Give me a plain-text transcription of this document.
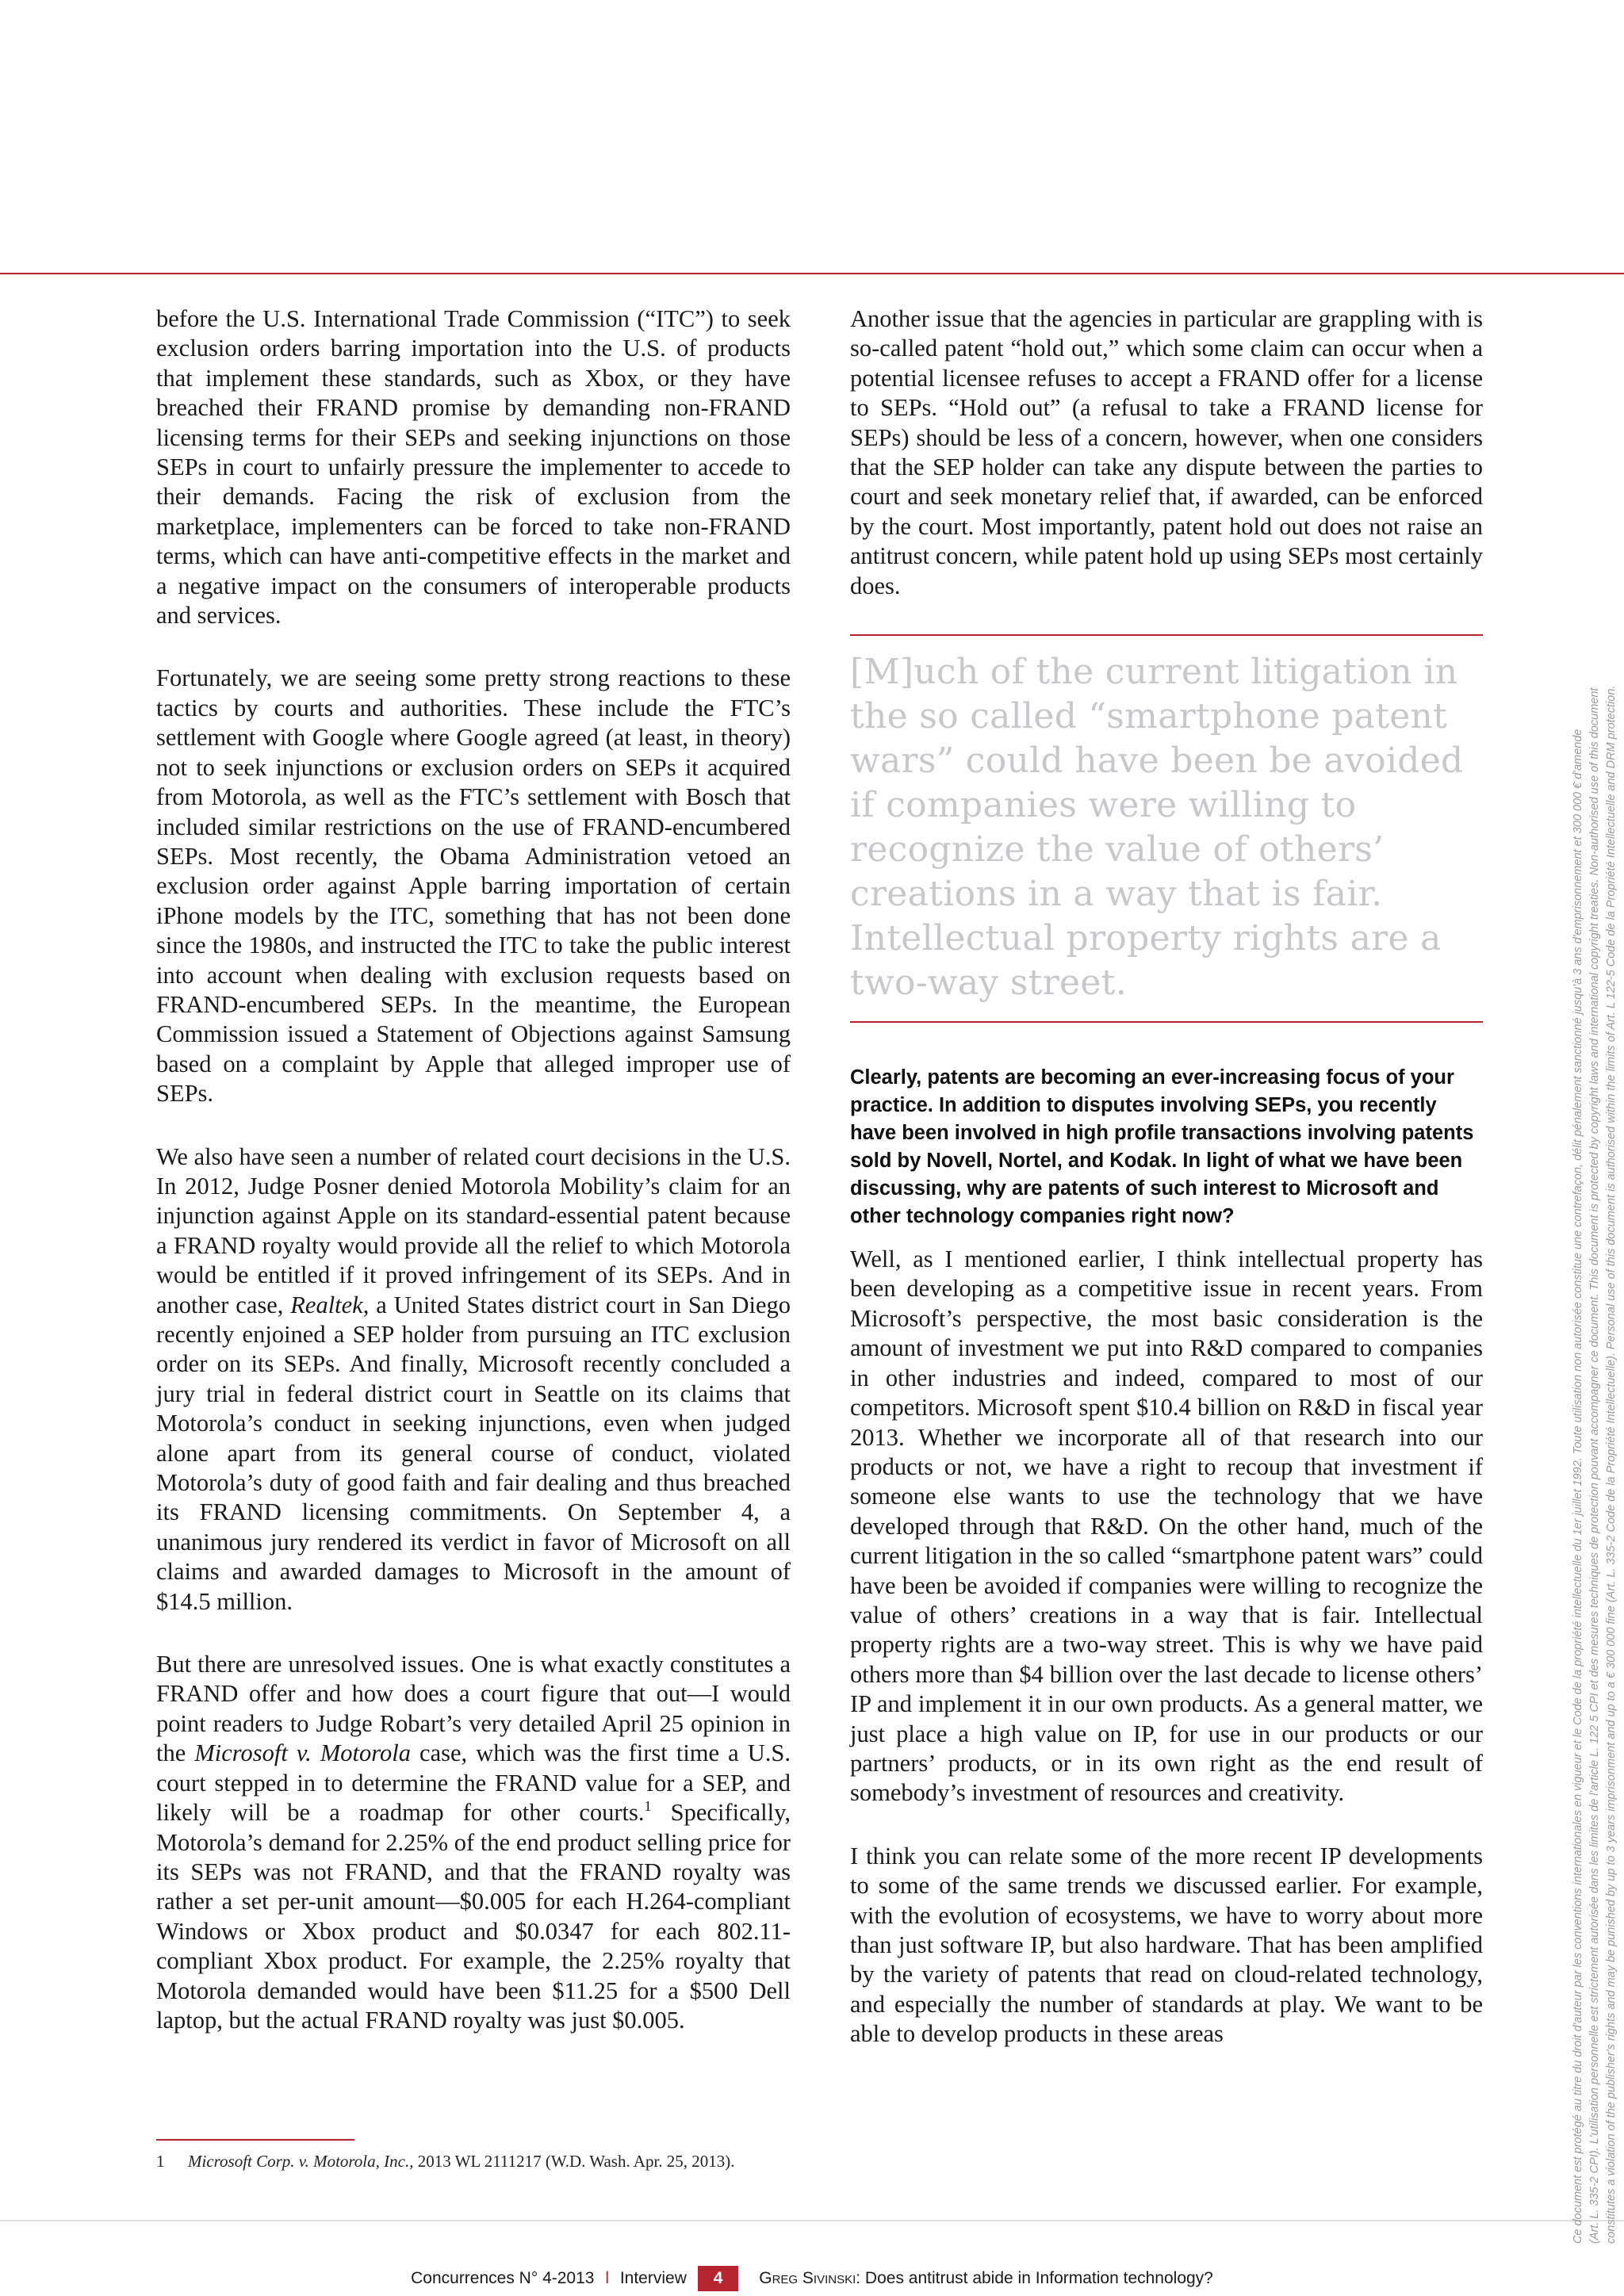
before the U.S. International Trade Commission (“ITC”) to seek exclusion orders barring importation into the U.S. of products that implement these standards, such as Xbox, or they have breached their FRAND promise by demanding non-FRAND licensing terms for their SEPs and seeking injunctions on those SEPs in court to unfairly pressure the implementer to accede to their demands. Facing the risk of exclusion from the marketplace, implementers can be forced to take non-FRAND terms, which can have anti-competitive effects in the market and a negative impact on the consumers of interoperable products and services.

Fortunately, we are seeing some pretty strong reactions to these tactics by courts and authorities. These include the FTC’s settlement with Google where Google agreed (at least, in theory) not to seek injunctions or exclusion orders on SEPs it acquired from Motorola, as well as the FTC’s settlement with Bosch that included similar restrictions on the use of FRAND-encumbered SEPs. Most recently, the Obama Administration vetoed an exclusion order against Apple barring importation of certain iPhone models by the ITC, something that has not been done since the 1980s, and instructed the ITC to take the public interest into account when dealing with exclusion requests based on FRAND-encumbered SEPs. In the meantime, the European Commission issued a Statement of Objections against Samsung based on a complaint by Apple that alleged improper use of SEPs.

We also have seen a number of related court decisions in the U.S. In 2012, Judge Posner denied Motorola Mobility’s claim for an injunction against Apple on its standard-essential patent because a FRAND royalty would provide all the relief to which Motorola would be entitled if it proved infringement of its SEPs. And in another case, Realtek, a United States district court in San Diego recently enjoined a SEP holder from pursuing an ITC exclusion order on its SEPs. And finally, Microsoft recently concluded a jury trial in federal district court in Seattle on its claims that Motorola’s conduct in seeking injunctions, even when judged alone apart from its general course of conduct, violated Motorola’s duty of good faith and fair dealing and thus breached its FRAND licensing commitments. On September 4, a unanimous jury rendered its verdict in favor of Microsoft on all claims and awarded damages to Microsoft in the amount of $14.5 million.

But there are unresolved issues. One is what exactly constitutes a FRAND offer and how does a court figure that out—I would point readers to Judge Robart’s very detailed April 25 opinion in the Microsoft v. Motorola case, which was the first time a U.S. court stepped in to determine the FRAND value for a SEP, and likely will be a roadmap for other courts.$^1$ Specifically, Motorola’s demand for 2.25% of the end product selling price for its SEPs was not FRAND, and that the FRAND royalty was rather a set per-unit amount—$0.005 for each H.264-compliant Windows or Xbox product and $0.0347 for each 802.11-compliant Xbox product. For example, the 2.25% royalty that Motorola demanded would have been $11.25 for a $500 Dell laptop, but the actual FRAND royalty was just $0.005.

1 Microsoft Corp. v. Motorola, Inc., 2013 WL 2111217 (W.D. Wash. Apr. 25, 2013).

Another issue that the agencies in particular are grappling with is so-called patent “hold out,” which some claim can occur when a potential licensee refuses to accept a FRAND offer for a license to SEPs. “Hold out” (a refusal to take a FRAND license for SEPs) should be less of a concern, however, when one considers that the SEP holder can take any dispute between the parties to court and seek monetary relief that, if awarded, can be enforced by the court. Most importantly, patent hold out does not raise an antitrust concern, while patent hold up using SEPs most certainly does.

[M]uch of the current litigation in the so called “smartphone patent wars” could have been be avoided if companies were willing to recognize the value of others’ creations in a way that is fair. Intellectual property rights are a two-way street.
Clearly, patents are becoming an ever-increasing focus of your practice. In addition to disputes involving SEPs, you recently have been involved in high profile transactions involving patents sold by Novell, Nortel, and Kodak. In light of what we have been discussing, why are patents of such interest to Microsoft and other technology companies right now?

Well, as I mentioned earlier, I think intellectual property has been developing as a competitive issue in recent years. From Microsoft’s perspective, the most basic consideration is the amount of investment we put into R&D compared to companies in other industries and indeed, compared to most of our competitors. Microsoft spent $10.4 billion on R&D in fiscal year 2013. Whether we incorporate all of that research into our products or not, we have a right to recoup that investment if someone else wants to use the technology that we have developed through that R&D. On the other hand, much of the current litigation in the so called “smartphone patent wars” could have been be avoided if companies were willing to recognize the value of others’ creations in a way that is fair. Intellectual property rights are a two-way street. This is why we have paid others more than $4 billion over the last decade to license others’ IP and implement it in our own products. As a general matter, we just place a high value on IP, for use in our products or our partners’ products, or in its own right as the end result of somebody’s investment of resources and creativity.

I think you can relate some of the more recent IP developments to some of the same trends we discussed earlier. For example, with the evolution of ecosystems, we have to worry about more than just software IP, but also hardware. That has been amplified by the variety of patents that read on cloud-related technology, and especially the number of standards at play. We want to be able to develop products in these areas

Concurrences N° 4-2013 l Interview 4 Greg Sivinski: Does antitrust abide in Information technology?
Ce document est protégé au titre du droit d'auteur par les conventions internationales en vigueur et le Code de la propriété intellectuelle du 1er juillet 1992. Toute utilisation non autorisée constitue une contrefaçon, délit pénalement sanctionné jusqu'à 3 ans d'emprisonnement et 300 000 € d'amende (Art. L. 335-2 CPI). L'utilisation personnelle est strictement autorisée dans les limites de l'article L. 122 5 CPI et des mesures techniques de protection pouvant accompagner ce document. This document is protected by copyright laws and international copyright treaties. Non-authorised use of this document constitutes a violation of the publisher's rights and may be punished by up to 3 years imprisonment and up to a € 300 000 fine (Art. L. 335-2 Code de la Propriété Intellectuelle). Personal use of this document is authorised within the limits of Art. L 122-5 Code de la Propriété Intellectuelle and DRM protection.
